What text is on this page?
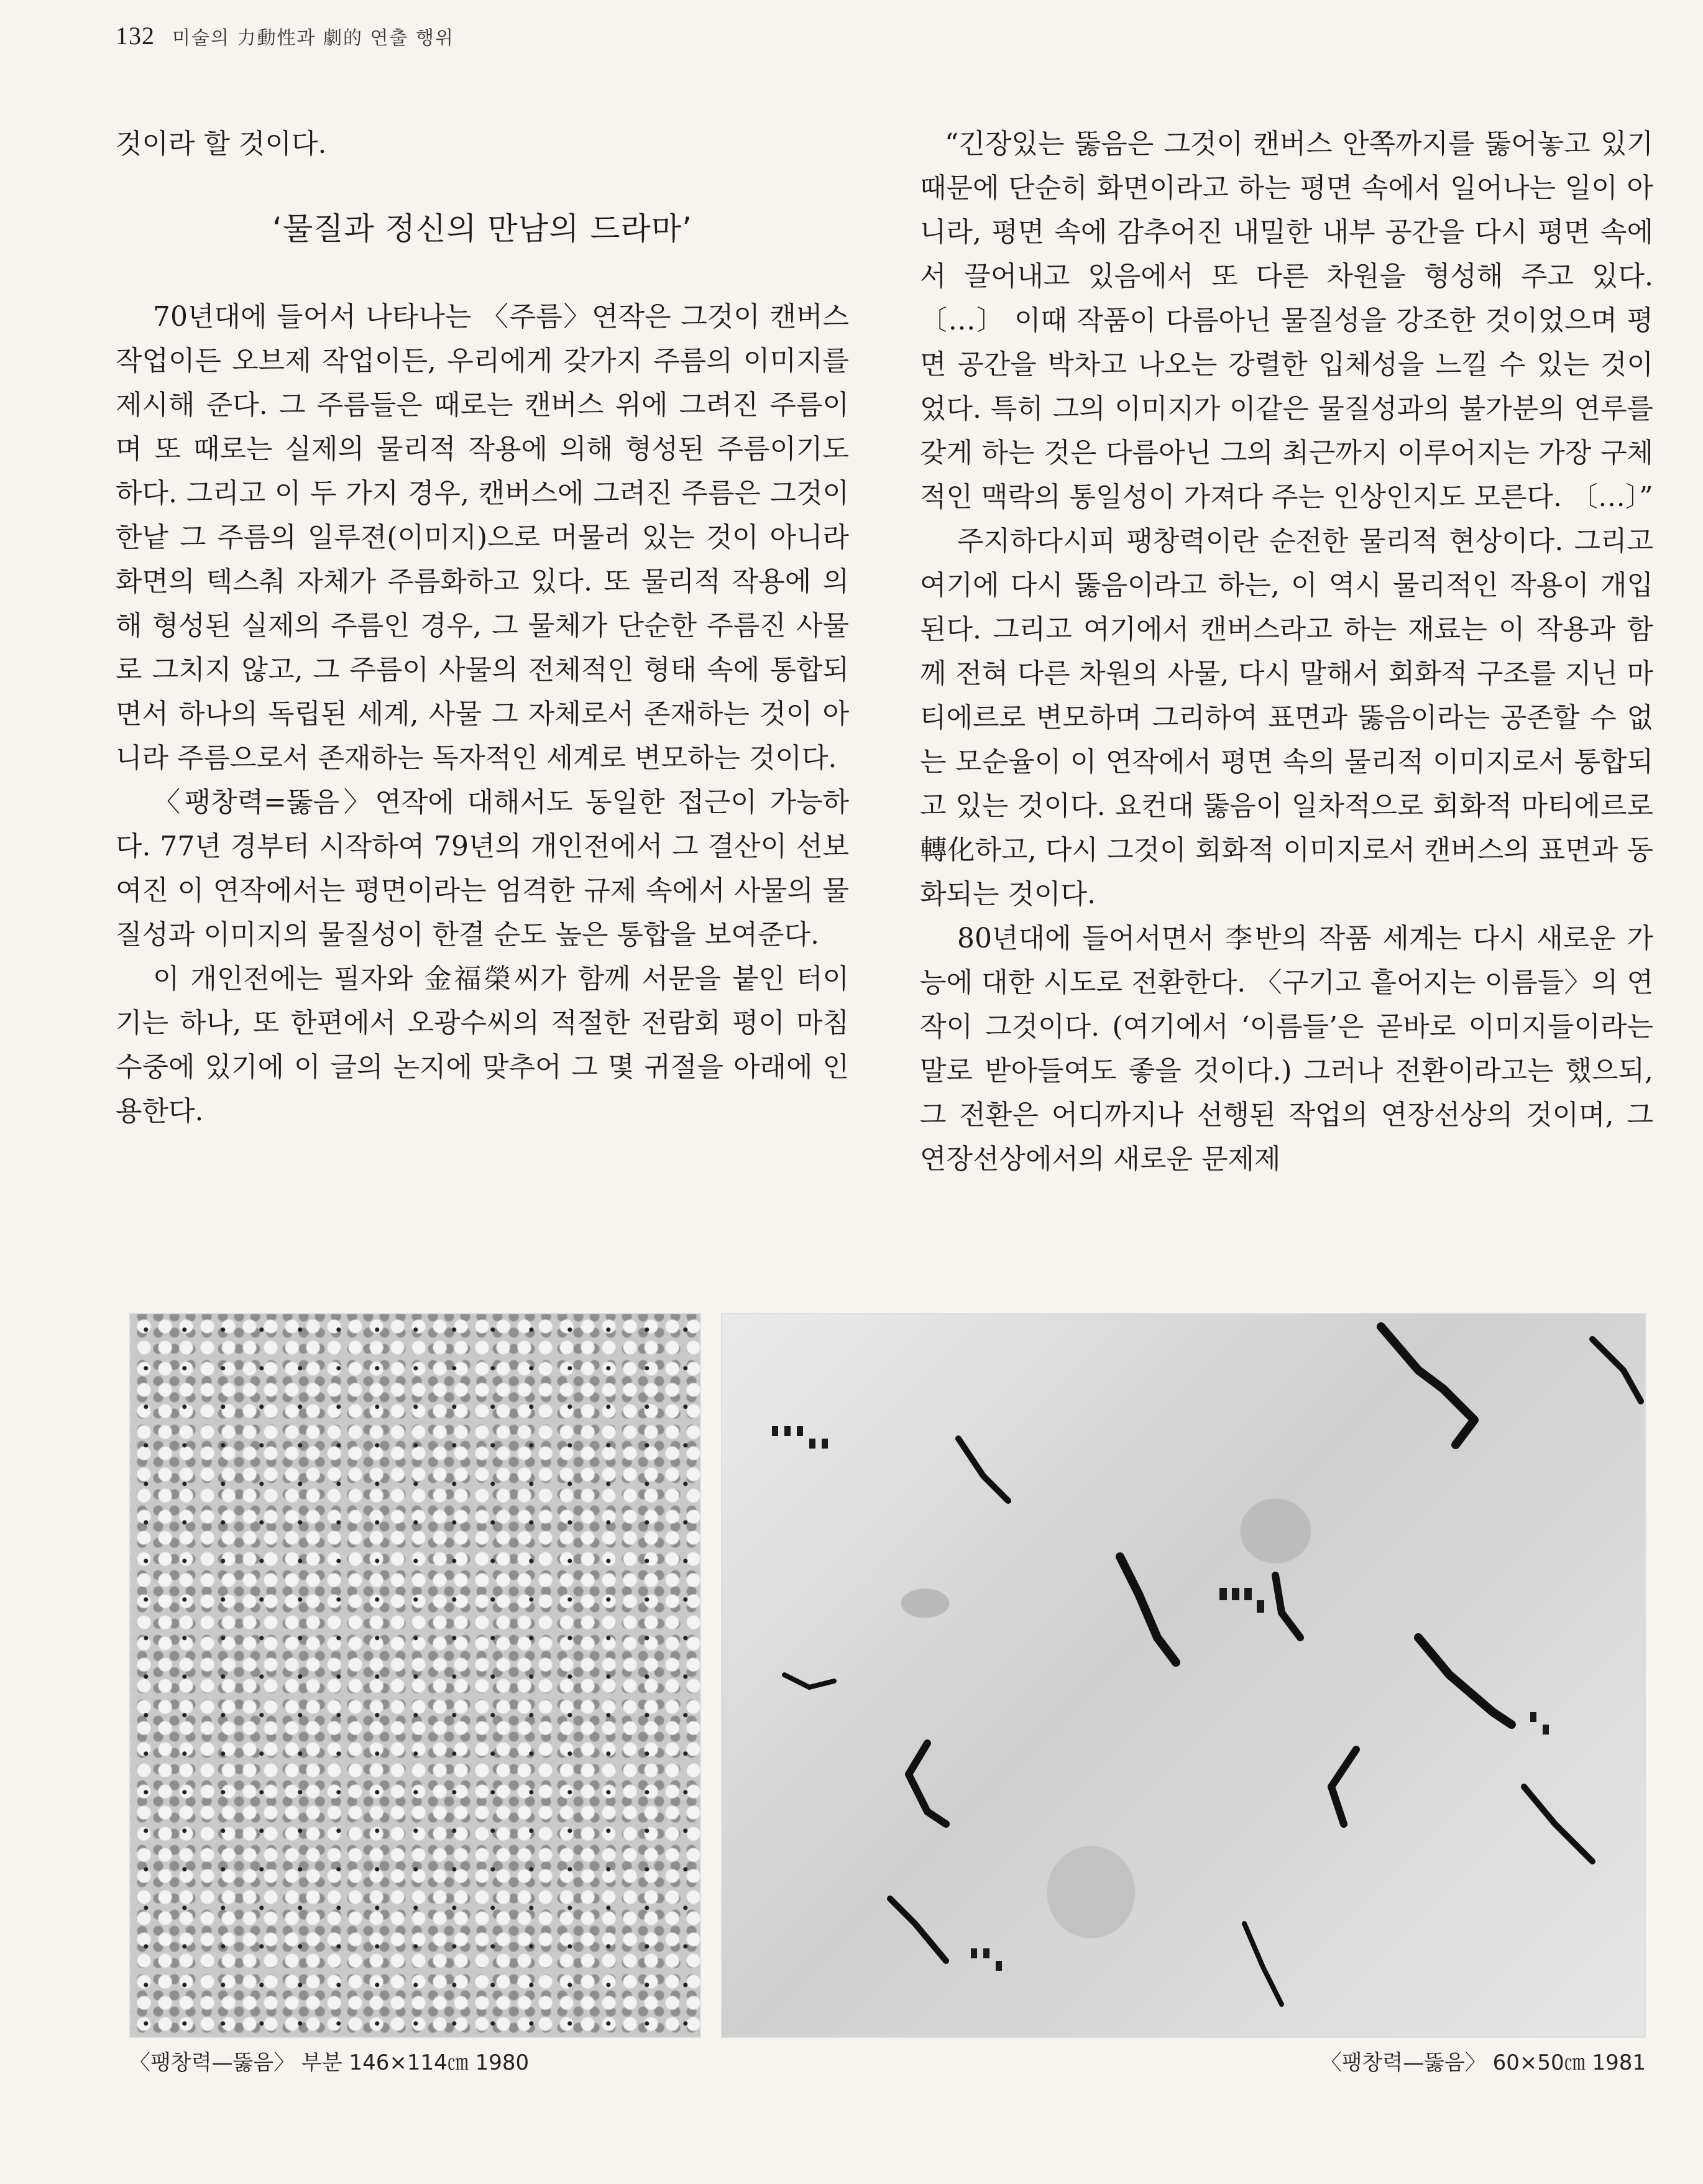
132 미술의 力動性과 劇的 연출 행위

것이라 할 것이다.

‘물질과 정신의 만남의 드라마’

70년대에 들어서 나타나는 〈주름〉연작은 그것이 캔버스 작업이든 오브제 작업이든, 우리에게 갖가지 주름의 이미지를 제시해 준다. 그 주름들은 때로는 캔버스 위에 그려진 주름이며 또 때로는 실제의 물리적 작용에 의해 형성된 주름이기도 하다. 그리고 이 두 가지 경우, 캔버스에 그려진 주름은 그것이 한낱 그 주름의 일루젼(이미지)으로 머물러 있는 것이 아니라 화면의 텍스춰 자체가 주름화하고 있다. 또 물리적 작용에 의해 형성된 실제의 주름인 경우, 그 물체가 단순한 주름진 사물로 그치지 않고, 그 주름이 사물의 전체적인 형태 속에 통합되면서 하나의 독립된 세계, 사물 그 자체로서 존재하는 것이 아니라 주름으로서 존재하는 독자적인 세계로 변모하는 것이다.

〈팽창력=뚫음〉연작에 대해서도 동일한 접근이 가능하다. 77년 경부터 시작하여 79년의 개인전에서 그 결산이 선보여진 이 연작에서는 평면이라는 엄격한 규제 속에서 사물의 물질성과 이미지의 물질성이 한결 순도 높은 통합을 보여준다.

이 개인전에는 필자와 金福榮씨가 함께 서문을 붙인 터이기는 하나, 또 한편에서 오광수씨의 적절한 전람회 평이 마침 수중에 있기에 이 글의 논지에 맞추어 그 몇 귀절을 아래에 인용한다.

“긴장있는 뚫음은 그것이 캔버스 안쪽까지를 뚫어놓고 있기 때문에 단순히 화면이라고 하는 평면 속에서 일어나는 일이 아니라, 평면 속에 감추어진 내밀한 내부 공간을 다시 평면 속에서 끌어내고 있음에서 또 다른 차원을 형성해 주고 있다. 〔…〕 이때 작품이 다름아닌 물질성을 강조한 것이었으며 평면 공간을 박차고 나오는 강렬한 입체성을 느낄 수 있는 것이었다. 특히 그의 이미지가 이같은 물질성과의 불가분의 연루를 갖게 하는 것은 다름아닌 그의 최근까지 이루어지는 가장 구체적인 맥락의 통일성이 가져다 주는 인상인지도 모른다. 〔…〕”

주지하다시피 팽창력이란 순전한 물리적 현상이다. 그리고 여기에 다시 뚫음이라고 하는, 이 역시 물리적인 작용이 개입된다. 그리고 여기에서 캔버스라고 하는 재료는 이 작용과 함께 전혀 다른 차원의 사물, 다시 말해서 회화적 구조를 지닌 마티에르로 변모하며 그리하여 표면과 뚫음이라는 공존할 수 없는 모순율이 이 연작에서 평면 속의 물리적 이미지로서 통합되고 있는 것이다. 요컨대 뚫음이 일차적으로 회화적 마티에르로 轉化하고, 다시 그것이 회화적 이미지로서 캔버스의 표면과 동화되는 것이다.

80년대에 들어서면서 李반의 작품 세계는 다시 새로운 가능에 대한 시도로 전환한다. 〈구기고 흩어지는 이름들〉의 연작이 그것이다. (여기에서 ‘이름들’은 곧바로 이미지들이라는 말로 받아들여도 좋을 것이다.) 그러나 전환이라고는 했으되, 그 전환은 어디까지나 선행된 작업의 연장선상의 것이며, 그 연장선상에서의 새로운 문제제

〈팽창력—뚫음〉 부분 146×114㎝ 1980	〈팽창력—뚫음〉 60×50㎝ 1981
